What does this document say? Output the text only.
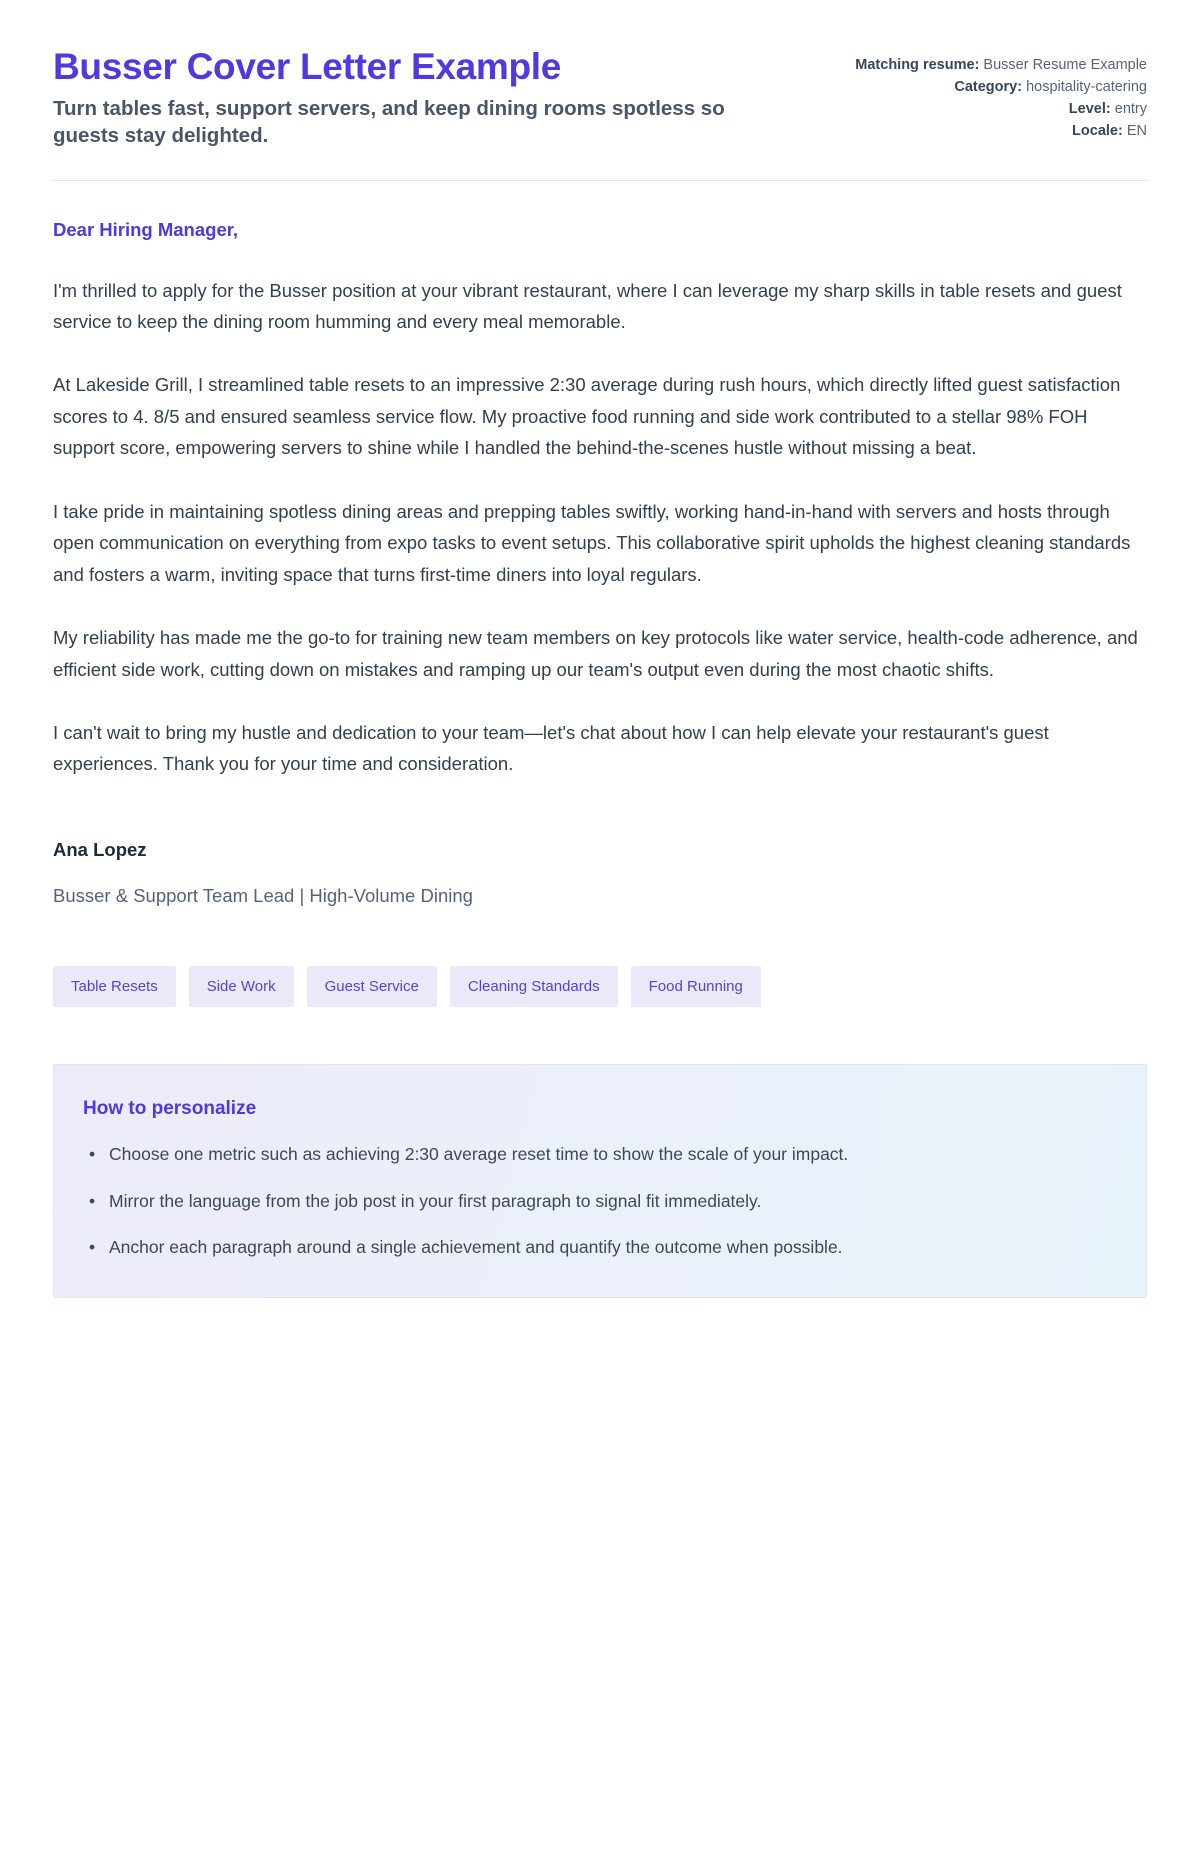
Busser Cover Letter Example

Turn tables fast, support servers, and keep dining rooms spotless so guests stay delighted.

Matching resume: Busser Resume Example
Category: hospitality-catering
Level: entry
Locale: EN

Dear Hiring Manager,

I'm thrilled to apply for the Busser position at your vibrant restaurant, where I can leverage my sharp skills in table resets and guest service to keep the dining room humming and every meal memorable.

At Lakeside Grill, I streamlined table resets to an impressive 2:30 average during rush hours, which directly lifted guest satisfaction scores to 4. 8/5 and ensured seamless service flow. My proactive food running and side work contributed to a stellar 98% FOH support score, empowering servers to shine while I handled the behind-the-scenes hustle without missing a beat.

I take pride in maintaining spotless dining areas and prepping tables swiftly, working hand-in-hand with servers and hosts through open communication on everything from expo tasks to event setups. This collaborative spirit upholds the highest cleaning standards and fosters a warm, inviting space that turns first-time diners into loyal regulars.

My reliability has made me the go-to for training new team members on key protocols like water service, health-code adherence, and efficient side work, cutting down on mistakes and ramping up our team's output even during the most chaotic shifts.

I can't wait to bring my hustle and dedication to your team—let's chat about how I can help elevate your restaurant's guest experiences. Thank you for your time and consideration.

Ana Lopez

Busser & Support Team Lead | High-Volume Dining

Table Resets	Side Work	Guest Service	Cleaning Standards	Food Running

How to personalize

• Choose one metric such as achieving 2:30 average reset time to show the scale of your impact.
• Mirror the language from the job post in your first paragraph to signal fit immediately.
• Anchor each paragraph around a single achievement and quantify the outcome when possible.
